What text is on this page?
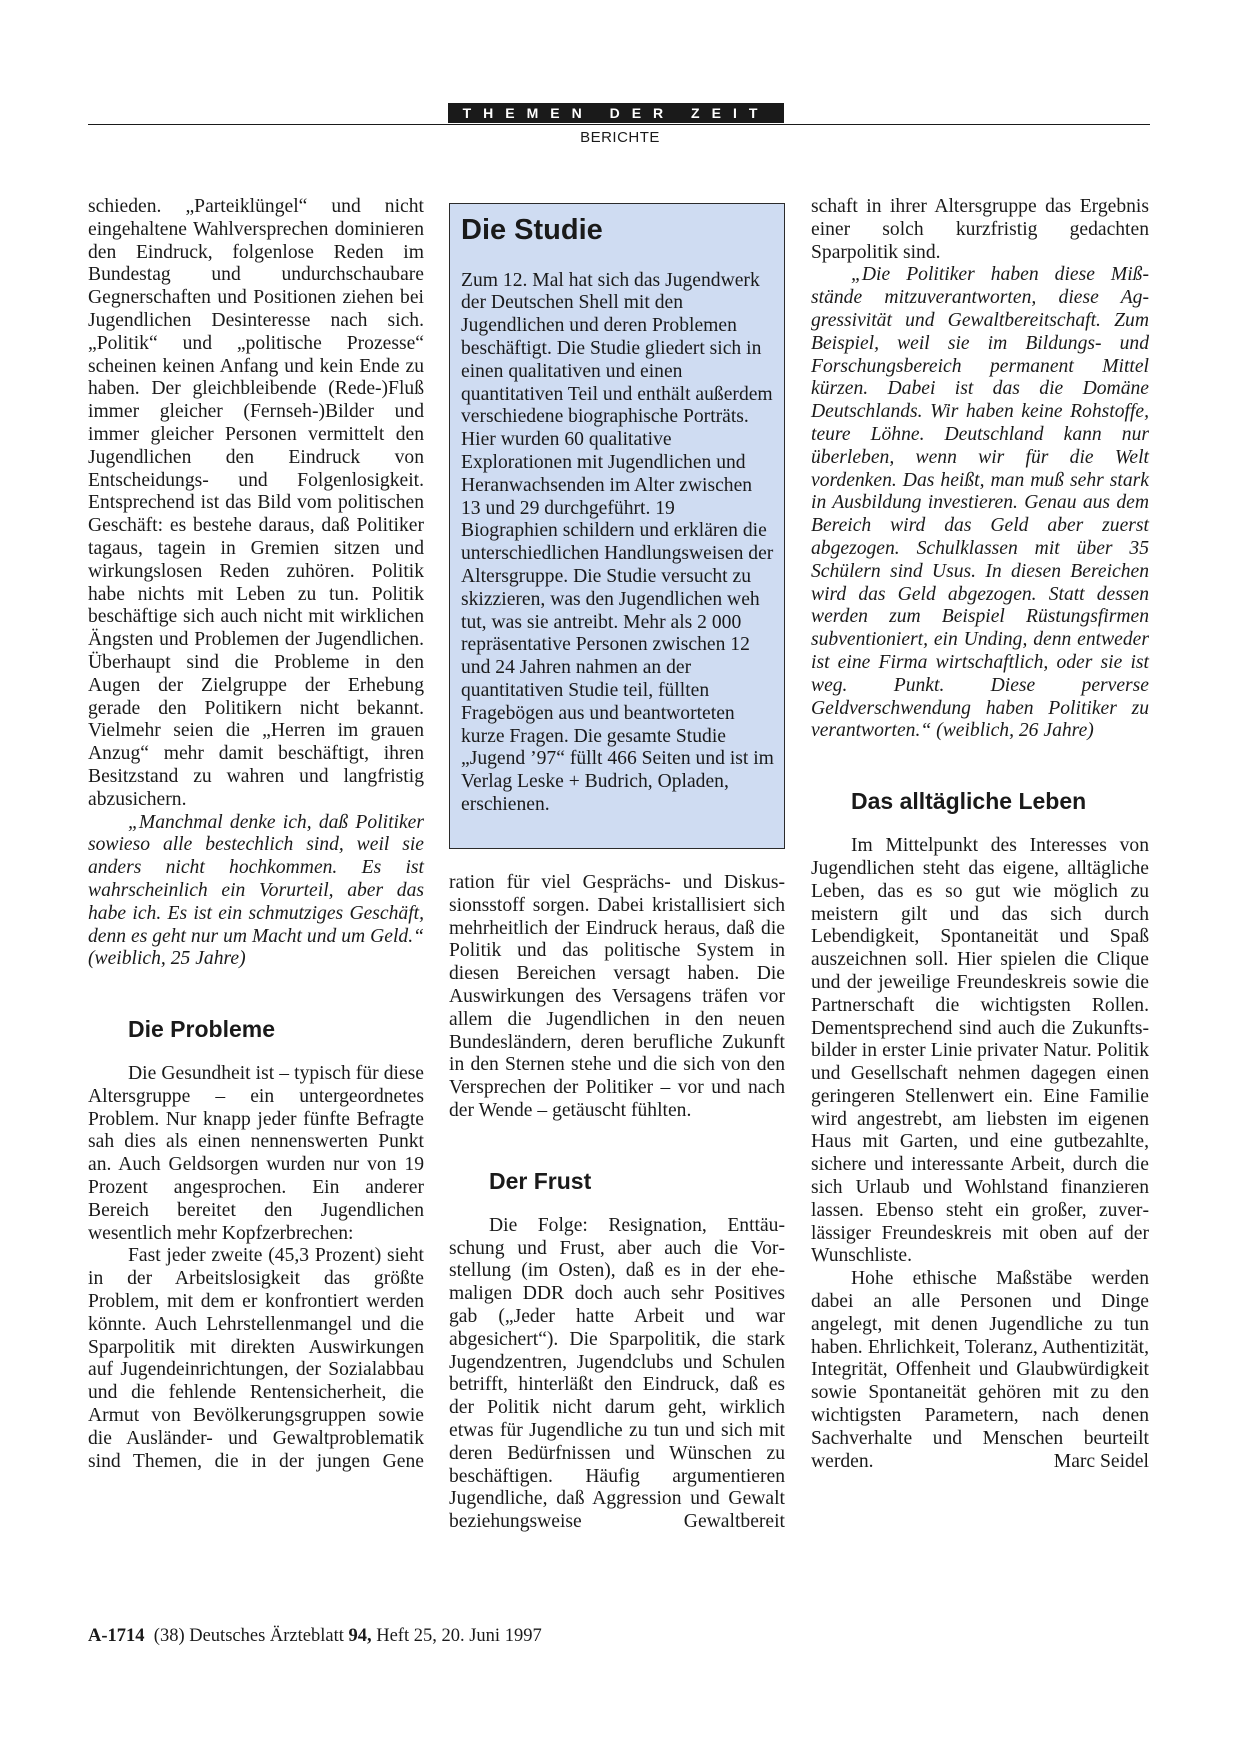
THEMEN DER ZEIT
BERICHTE

schieden. „Parteiklüngel“ und nicht eingehaltene Wahlversprechen dominieren den Eindruck, folgenlose Reden im Bundestag und undurchschaubare Gegnerschaften und Positionen ziehen bei Jugendlichen Desinteresse nach sich. „Politik“ und „politische Prozesse“ scheinen keinen Anfang und kein Ende zu haben. Der gleichbleibende (Rede-)Fluß immer gleicher (Fernseh-)Bilder und immer gleicher Personen vermittelt den Jugendlichen den Eindruck von Entscheidungs- und Folgenlosigkeit. Entsprechend ist das Bild vom politischen Geschäft: es bestehe daraus, daß Politiker tagaus, tagein in Gremien sitzen und wirkungslosen Reden zuhören. Politik habe nichts mit Leben zu tun. Politik beschäftige sich auch nicht mit wirklichen Ängsten und Problemen der Jugendlichen. Überhaupt sind die Probleme in den Augen der Zielgruppe der Erhebung gerade den Politikern nicht bekannt. Vielmehr seien die „Herren im grauen Anzug“ mehr damit beschäftigt, ihren Besitzstand zu wahren und langfristig abzusichern.

„Manchmal denke ich, daß Politiker sowieso alle bestechlich sind, weil sie anders nicht hochkommen. Es ist wahrscheinlich ein Vorurteil, aber das habe ich. Es ist ein schmutziges Geschäft, denn es geht nur um Macht und um Geld.“ (weiblich, 25 Jahre)

Die Probleme

Die Gesundheit ist – typisch für diese Altersgruppe – ein untergeordnetes Problem. Nur knapp jeder fünfte Befragte sah dies als einen nennenswerten Punkt an. Auch Geldsorgen wurden nur von 19 Prozent angesprochen. Ein anderer Bereich bereitet den Jugendlichen wesentlich mehr Kopfzerbrechen:

Fast jeder zweite (45,3 Prozent) sieht in der Arbeitslosigkeit das größte Problem, mit dem er konfrontiert werden könnte. Auch Lehrstellenmangel und die Sparpolitik mit direkten Auswirkungen auf Jugendeinrichtungen, der Sozialabbau und die fehlende Rentensicherheit, die Armut von Bevölkerungsgruppen sowie die Ausländer- und Gewaltproblematik sind Themen, die in der jungen Gene

Die Studie

Zum 12. Mal hat sich das Jugendwerk der Deutschen Shell mit den Jugendlichen und deren Problemen beschäftigt. Die Studie gliedert sich in einen qualitativen und einen quantitativen Teil und enthält außerdem verschiedene biographische Porträts. Hier wurden 60 qualitative Explorationen mit Jugendlichen und Heranwachsenden im Alter zwischen 13 und 29 durchgeführt. 19 Biographien schildern und erklären die unterschiedlichen Handlungsweisen der Altersgruppe. Die Studie versucht zu skizzieren, was den Jugendlichen weh tut, was sie antreibt. Mehr als 2 000 repräsentative Personen zwischen 12 und 24 Jahren nahmen an der quantitativen Studie teil, füllten Fragebögen aus und beantworteten kurze Fragen. Die gesamte Studie „Jugend ’97“ füllt 466 Seiten und ist im Verlag Leske + Budrich, Opladen, erschienen.

ration für viel Gesprächs- und Diskussionsstoff sorgen. Dabei kristallisiert sich mehrheitlich der Eindruck heraus, daß die Politik und das politische System in diesen Bereichen versagt haben. Die Auswirkungen des Versagens träfen vor allem die Jugendlichen in den neuen Bundesländern, deren berufliche Zukunft in den Sternen stehe und die sich von den Versprechen der Politiker – vor und nach der Wende – getäuscht fühlten.

Der Frust

Die Folge: Resignation, Enttäuschung und Frust, aber auch die Vorstellung (im Osten), daß es in der ehemaligen DDR doch auch sehr Positives gab („Jeder hatte Arbeit und war abgesichert“). Die Sparpolitik, die stark Jugendzentren, Jugendclubs und Schulen betrifft, hinterläßt den Eindruck, daß es der Politik nicht darum geht, wirklich etwas für Jugendliche zu tun und sich mit deren Bedürfnissen und Wünschen zu beschäftigen. Häufig argumentieren Jugendliche, daß Aggression und Gewalt beziehungsweise Gewaltbereit

schaft in ihrer Altersgruppe das Ergebnis einer solch kurzfristig gedachten Sparpolitik sind.

„Die Politiker haben diese Mißstände mitzuverantworten, diese Aggressivität und Gewaltbereitschaft. Zum Beispiel, weil sie im Bildungs- und Forschungsbereich permanent Mittel kürzen. Dabei ist das die Domäne Deutschlands. Wir haben keine Rohstoffe, teure Löhne. Deutschland kann nur überleben, wenn wir für die Welt vordenken. Das heißt, man muß sehr stark in Ausbildung investieren. Genau aus dem Bereich wird das Geld aber zuerst abgezogen. Schulklassen mit über 35 Schülern sind Usus. In diesen Bereichen wird das Geld abgezogen. Statt dessen werden zum Beispiel Rüstungsfirmen subventioniert, ein Unding, denn entweder ist eine Firma wirtschaftlich, oder sie ist weg. Punkt. Diese perverse Geldverschwendung haben Politiker zu verantworten.“ (weiblich, 26 Jahre)

Das alltägliche Leben

Im Mittelpunkt des Interesses von Jugendlichen steht das eigene, alltägliche Leben, das es so gut wie möglich zu meistern gilt und das sich durch Lebendigkeit, Spontaneität und Spaß auszeichnen soll. Hier spielen die Clique und der jeweilige Freundeskreis sowie die Partnerschaft die wichtigsten Rollen. Dementsprechend sind auch die Zukunftsbilder in erster Linie privater Natur. Politik und Gesellschaft nehmen dagegen einen geringeren Stellenwert ein. Eine Familie wird angestrebt, am liebsten im eigenen Haus mit Garten, und eine gutbezahlte, sichere und interessante Arbeit, durch die sich Urlaub und Wohlstand finanzieren lassen. Ebenso steht ein großer, zuverlässiger Freundeskreis mit oben auf der Wunschliste.

Hohe ethische Maßstäbe werden dabei an alle Personen und Dinge angelegt, mit denen Jugendliche zu tun haben. Ehrlichkeit, Toleranz, Authentizität, Integrität, Offenheit und Glaubwürdigkeit sowie Spontaneität gehören mit zu den wichtigsten Parametern, nach denen Sachverhalte und Menschen beurteilt werden.	Marc Seidel

A-1714 (38) Deutsches Ärzteblatt 94, Heft 25, 20. Juni 1997
